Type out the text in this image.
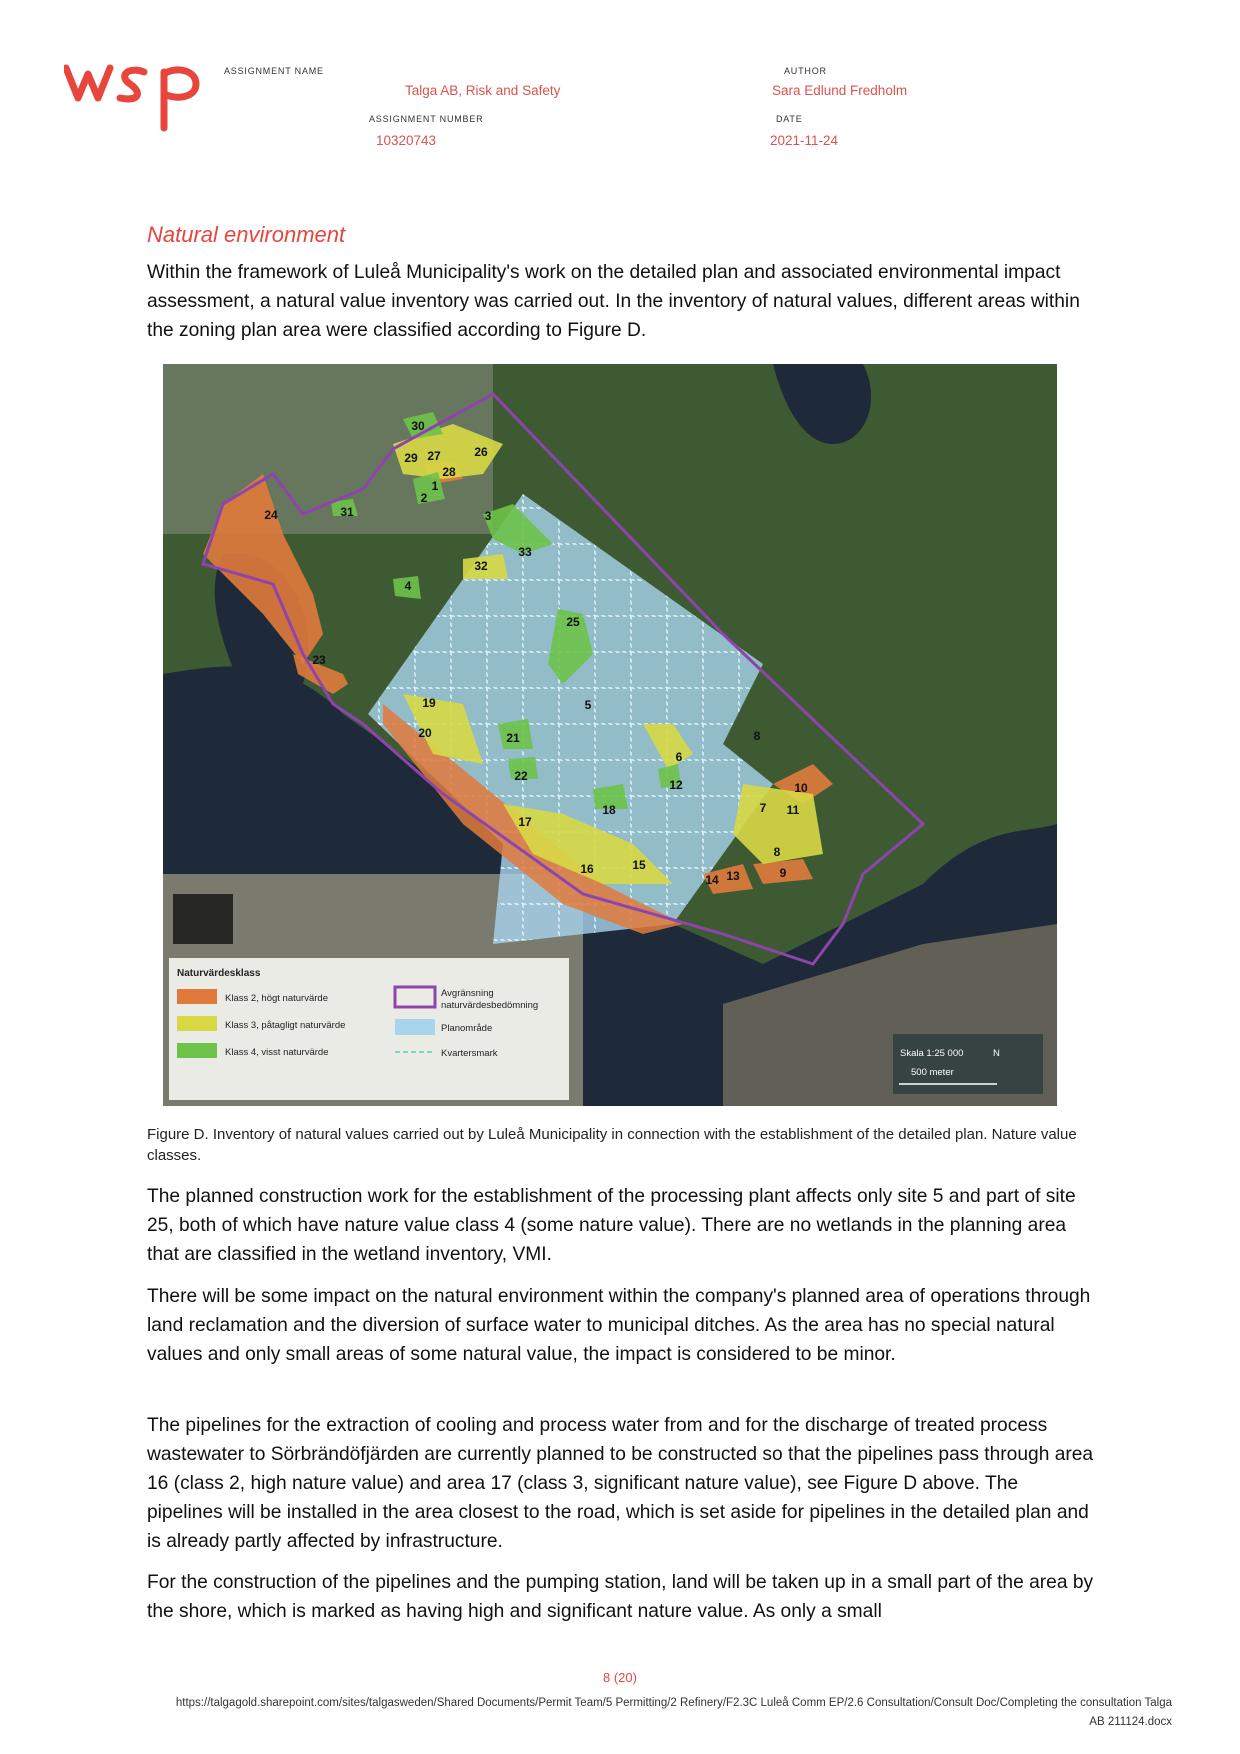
ASSIGNMENT NAME
Talga AB, Risk and Safety
AUTHOR
Sara Edlund Fredholm
ASSIGNMENT NUMBER
10320743
DATE
2021-11-24
Natural environment

Within the framework of Luleå Municipality's work on the detailed plan and associated environmental impact assessment, a natural value inventory was carried out. In the inventory of natural values, different areas within the zoning plan area were classified according to Figure D.

30
29 27	26
28
1
2
24	31	3
33
32
4
25
23
19	5
20	21	8
6
22
12	10
7 11
18
17
8
16	15
9
13
14
Naturvärdesklass
Klass 2, högt naturvärde
Klass 3, påtagligt naturvärde
Klass 4, visst naturvärde
Avgränsning
naturvärdesbedömning
Planområde
Kvartersmark	Skala 1:25 000	N
500 meter

Figure D. Inventory of natural values carried out by Luleå Municipality in connection with the establishment of the detailed plan. Nature value classes.

The planned construction work for the establishment of the processing plant affects only site 5 and part of site 25, both of which have nature value class 4 (some nature value). There are no wetlands in the planning area that are classified in the wetland inventory, VMI.

There will be some impact on the natural environment within the company's planned area of operations through land reclamation and the diversion of surface water to municipal ditches. As the area has no special natural values and only small areas of some natural value, the impact is considered to be minor.

The pipelines for the extraction of cooling and process water from and for the discharge of treated process wastewater to Sörbrändöfjärden are currently planned to be constructed so that the pipelines pass through area 16 (class 2, high nature value) and area 17 (class 3, significant nature value), see Figure D above. The pipelines will be installed in the area closest to the road, which is set aside for pipelines in the detailed plan and is already partly affected by infrastructure.

For the construction of the pipelines and the pumping station, land will be taken up in a small part of the area by the shore, which is marked as having high and significant nature value. As only a small

8 (20)
https://talgagold.sharepoint.com/sites/talgasweden/Shared Documents/Permit Team/5 Permitting/2 Refinery/F2.3C Luleå Comm EP/2.6 Consultation/Consult Doc/Completing the consultation Talga
AB 211124.docx
